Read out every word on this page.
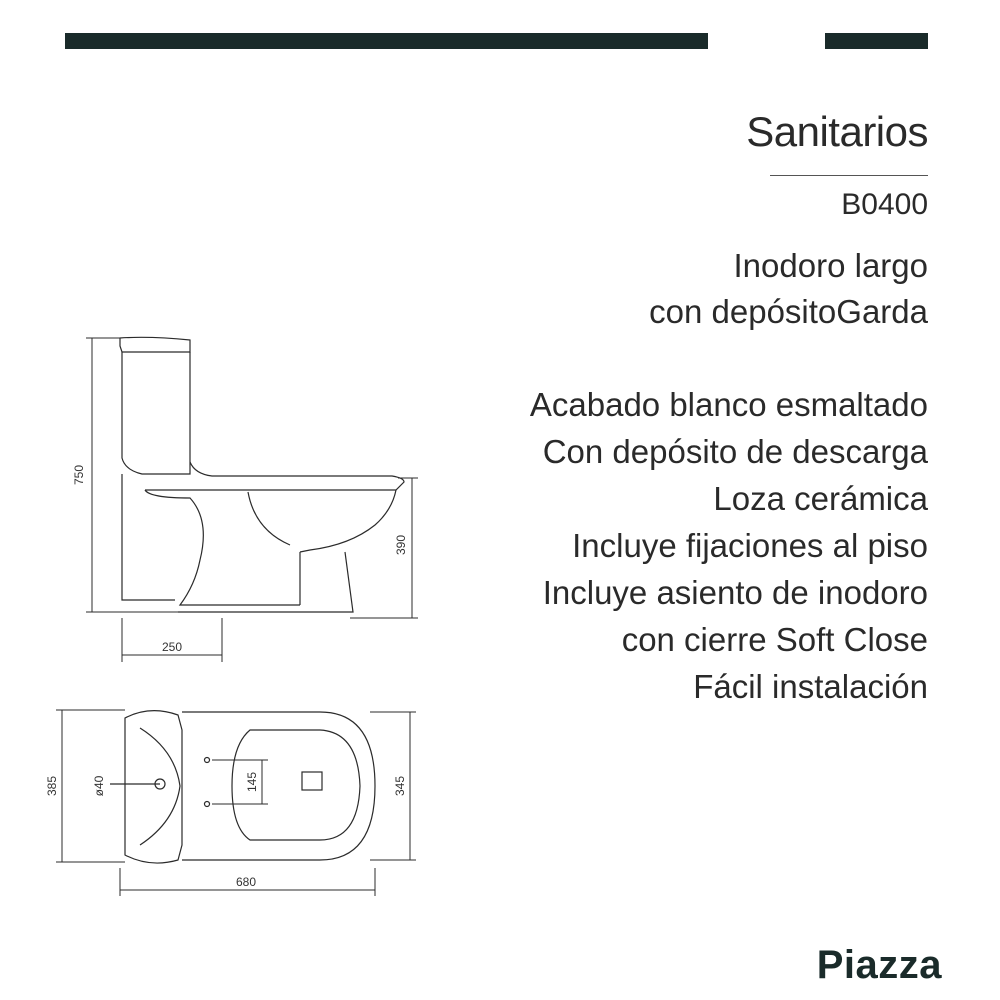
Sanitarios
B0400
Inodoro largo
con depósitoGarda
Acabado blanco esmaltado
Con depósito de descarga
Loza cerámica
Incluye fijaciones al piso
Incluye asiento de inodoro
con cierre Soft Close
Fácil instalación
750
390
250
385	345
680
145
ø40
Piazza
